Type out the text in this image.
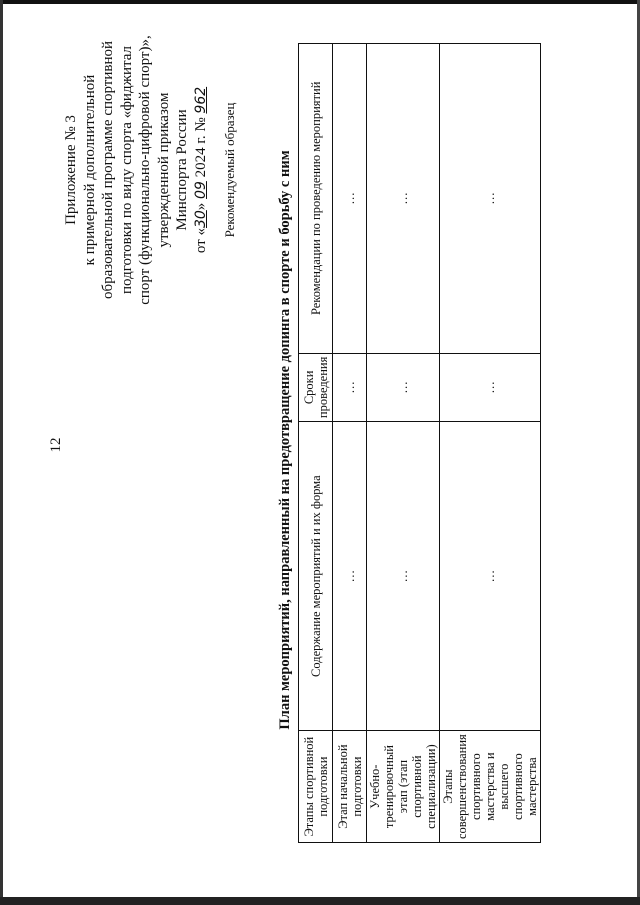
12
Приложение № 3 к примерной дополнительной образовательной программе спортивной подготовки по виду спорта «фиджитал спорт (функционально-цифровой спорт)», утвержденной приказом Минспорта России
от «30» 09 2024 г. № 962
Рекомендуемый образец	План мероприятий, направленный на предотвращение допинга в спорте и борьбу с ним
Этапы спортивной подготовки	Содержание мероприятий и их форма	Сроки проведения	Рекомендации по проведению мероприятий
Этап начальной подготовки	…	…	…
Учебно-тренировочный этап (этап спортивной специализации)	…	…	…
Этапы совершенствования спортивного мастерства и высшего спортивного мастерства	…	…	…
